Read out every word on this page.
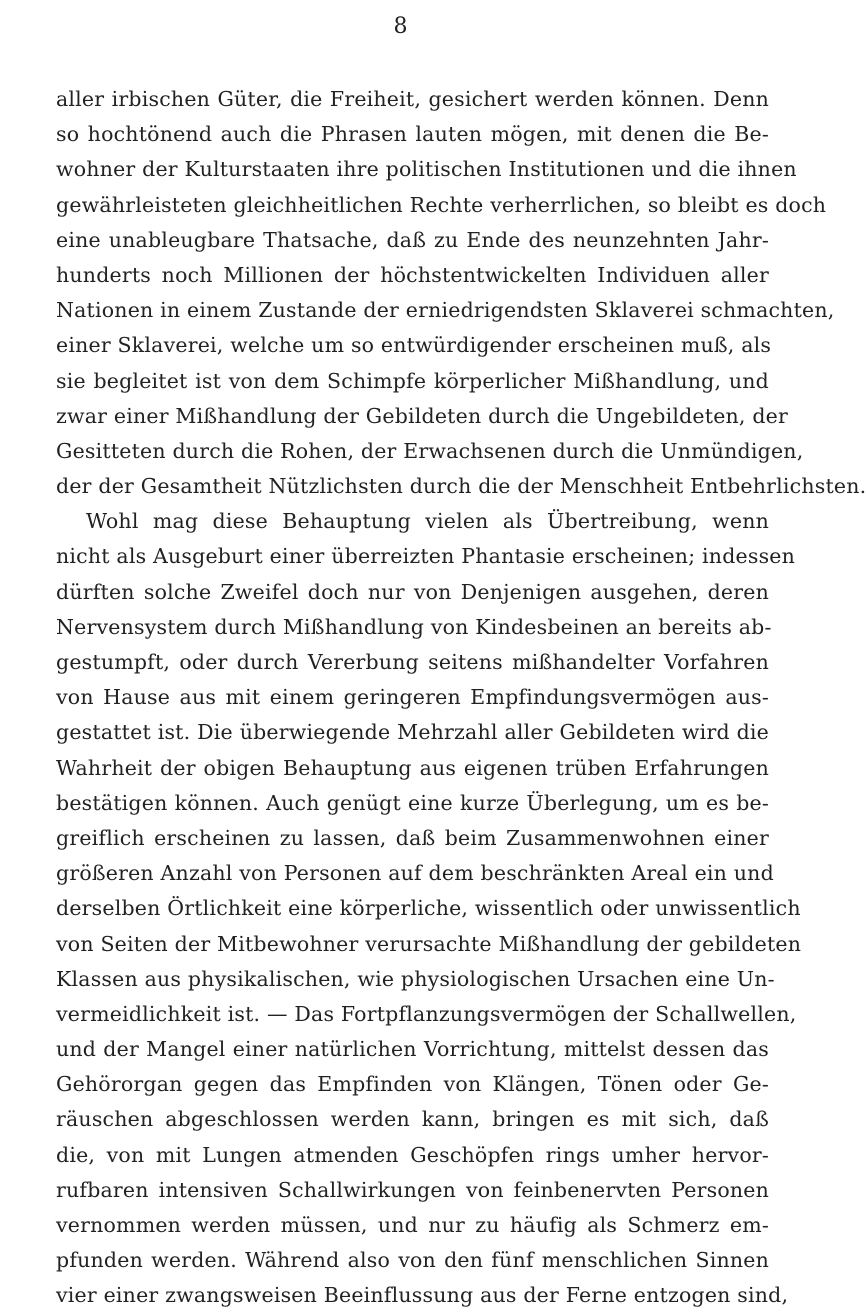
8
aller irbischen Güter, die Freiheit, gesichert werden können. Denn
so hochtönend auch die Phrasen lauten mögen, mit denen die Be-
wohner der Kulturstaaten ihre politischen Institutionen und die ihnen
gewährleisteten gleichheitlichen Rechte verherrlichen, so bleibt es doch
eine unableugbare Thatsache, daß zu Ende des neunzehnten Jahr-
hunderts noch Millionen der höchstentwickelten Individuen aller
Nationen in einem Zustande der erniedrigendsten Sklaverei schmachten,
einer Sklaverei, welche um so entwürdigender erscheinen muß, als
sie begleitet ist von dem Schimpfe körperlicher Mißhandlung, und
zwar einer Mißhandlung der Gebildeten durch die Ungebildeten, der
Gesitteten durch die Rohen, der Erwachsenen durch die Unmündigen,
der der Gesamtheit Nützlichsten durch die der Menschheit Entbehrlichsten.
Wohl mag diese Behauptung vielen als Übertreibung, wenn
nicht als Ausgeburt einer überreizten Phantasie erscheinen; indessen
dürften solche Zweifel doch nur von Denjenigen ausgehen, deren
Nervensystem durch Mißhandlung von Kindesbeinen an bereits ab-
gestumpft, oder durch Vererbung seitens mißhandelter Vorfahren
von Hause aus mit einem geringeren Empfindungsvermögen aus-
gestattet ist. Die überwiegende Mehrzahl aller Gebildeten wird die
Wahrheit der obigen Behauptung aus eigenen trüben Erfahrungen
bestätigen können. Auch genügt eine kurze Überlegung, um es be-
greiflich erscheinen zu lassen, daß beim Zusammenwohnen einer
größeren Anzahl von Personen auf dem beschränkten Areal ein und
derselben Örtlichkeit eine körperliche, wissentlich oder unwissentlich
von Seiten der Mitbewohner verursachte Mißhandlung der gebildeten
Klassen aus physikalischen, wie physiologischen Ursachen eine Un-
vermeidlichkeit ist. — Das Fortpflanzungsvermögen der Schallwellen,
und der Mangel einer natürlichen Vorrichtung, mittelst dessen das
Gehörorgan gegen das Empfinden von Klängen, Tönen oder Ge-
räuschen abgeschlossen werden kann, bringen es mit sich, daß
die, von mit Lungen atmenden Geschöpfen rings umher hervor-
rufbaren intensiven Schallwirkungen von feinbenervten Personen
vernommen werden müssen, und nur zu häufig als Schmerz em-
pfunden werden. Während also von den fünf menschlichen Sinnen
vier einer zwangsweisen Beeinflussung aus der Ferne entzogen sind,
